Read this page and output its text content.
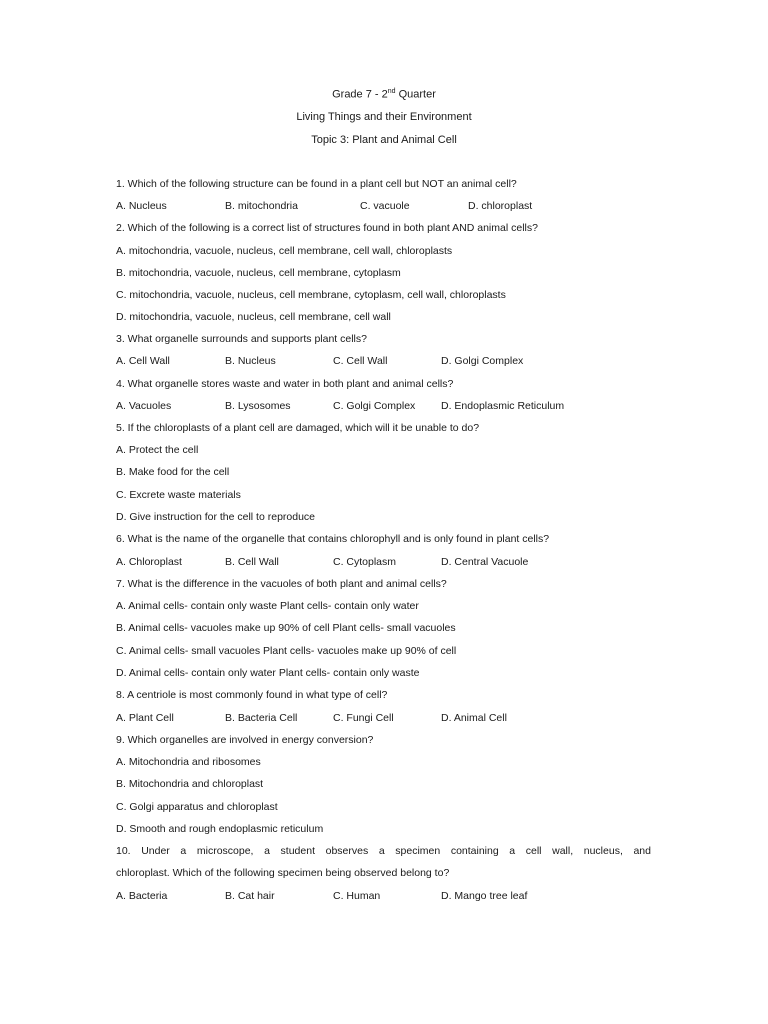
Grade 7 - 2nd Quarter
Living Things and their Environment
Topic 3: Plant and Animal Cell
1. Which of the following structure can be found in a plant cell but NOT an animal cell?
A. Nucleus	B. mitochondria	C. vacuole	D. chloroplast
2. Which of the following is a correct list of structures found in both plant AND animal cells?
A. mitochondria, vacuole, nucleus, cell membrane, cell wall, chloroplasts
B. mitochondria, vacuole, nucleus, cell membrane, cytoplasm
C. mitochondria, vacuole, nucleus, cell membrane, cytoplasm, cell wall, chloroplasts
D. mitochondria, vacuole, nucleus, cell membrane, cell wall
3. What organelle surrounds and supports plant cells?
A. Cell Wall	B. Nucleus	C. Cell Wall	D. Golgi Complex
4. What organelle stores waste and water in both plant and animal cells?
A. Vacuoles	B. Lysosomes	C. Golgi Complex D. Endoplasmic Reticulum
5. If the chloroplasts of a plant cell are damaged, which will it be unable to do?
A. Protect the cell
B. Make food for the cell
C. Excrete waste materials
D. Give instruction for the cell to reproduce
6. What is the name of the organelle that contains chlorophyll and is only found in plant cells?
A. Chloroplast	B. Cell Wall	C. Cytoplasm	D. Central Vacuole
7. What is the difference in the vacuoles of both plant and animal cells?
A. Animal cells- contain only waste Plant cells- contain only water
B. Animal cells- vacuoles make up 90% of cell Plant cells- small vacuoles
C. Animal cells- small vacuoles Plant cells- vacuoles make up 90% of cell
D. Animal cells- contain only water Plant cells- contain only waste
8. A centriole is most commonly found in what type of cell?
A. Plant Cell	B. Bacteria Cell	C. Fungi Cell	D. Animal Cell
9. Which organelles are involved in energy conversion?
A. Mitochondria and ribosomes
B. Mitochondria and chloroplast
C. Golgi apparatus and chloroplast
D. Smooth and rough endoplasmic reticulum
10. Under a microscope, a student observes a specimen containing a cell wall, nucleus, and
chloroplast. Which of the following specimen being observed belong to?
A. Bacteria	B. Cat hair	C. Human	D. Mango tree leaf
